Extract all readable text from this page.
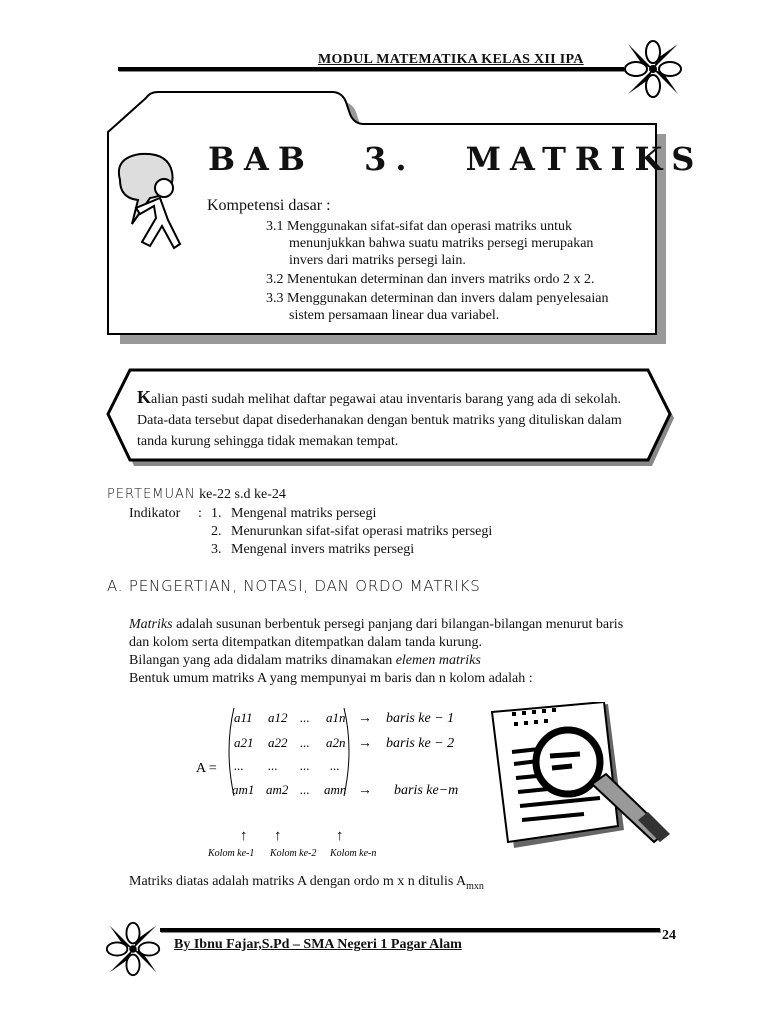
MODUL MATEMATIKA KELAS XII IPA
BAB 3. MATRIKS
Kompetensi dasar :
3.1 Menggunakan sifat-sifat dan operasi matriks untuk
menunjukkan bahwa suatu matriks persegi merupakan
invers dari matriks persegi lain.
3.2 Menentukan determinan dan invers matriks ordo 2 x 2.
3.3 Menggunakan determinan dan invers dalam penyelesaian
sistem persamaan linear dua variabel.
Kalian pasti sudah melihat daftar pegawai atau inventaris barang yang ada di sekolah. Data-data tersebut dapat disederhanakan dengan bentuk matriks yang dituliskan dalam tanda kurung sehingga tidak memakan tempat.
PERTEMUAN ke-22 s.d ke-24
Indikator : 1. Mengenal matriks persegi
2. Menurunkan sifat-sifat operasi matriks persegi
3. Mengenal invers matriks persegi
A. PENGERTIAN, NOTASI, DAN ORDO MATRIKS
Matriks adalah susunan berbentuk persegi panjang dari bilangan-bilangan menurut baris
dan kolom serta ditempatkan ditempatkan dalam tanda kurung.
Bilangan yang ada didalam matriks dinamakan elemen matriks
Bentuk umum matriks A yang mempunyai m baris dan n kolom adalah :
A =
a11 a12 ... a1n
a21 a22 ... a2n
... ... ... ...
am1 am2 ... amn
→
→
→
baris ke − 1
baris ke − 2
baris ke−m
↑ ↑	↑
Kolom ke-1 Kolom ke-2 Kolom ke-n
Matriks diatas adalah matriks A dengan ordo m x n ditulis $A_{mxn}$
By Ibnu Fajar,S.Pd – SMA Negeri 1 Pagar Alam
24
